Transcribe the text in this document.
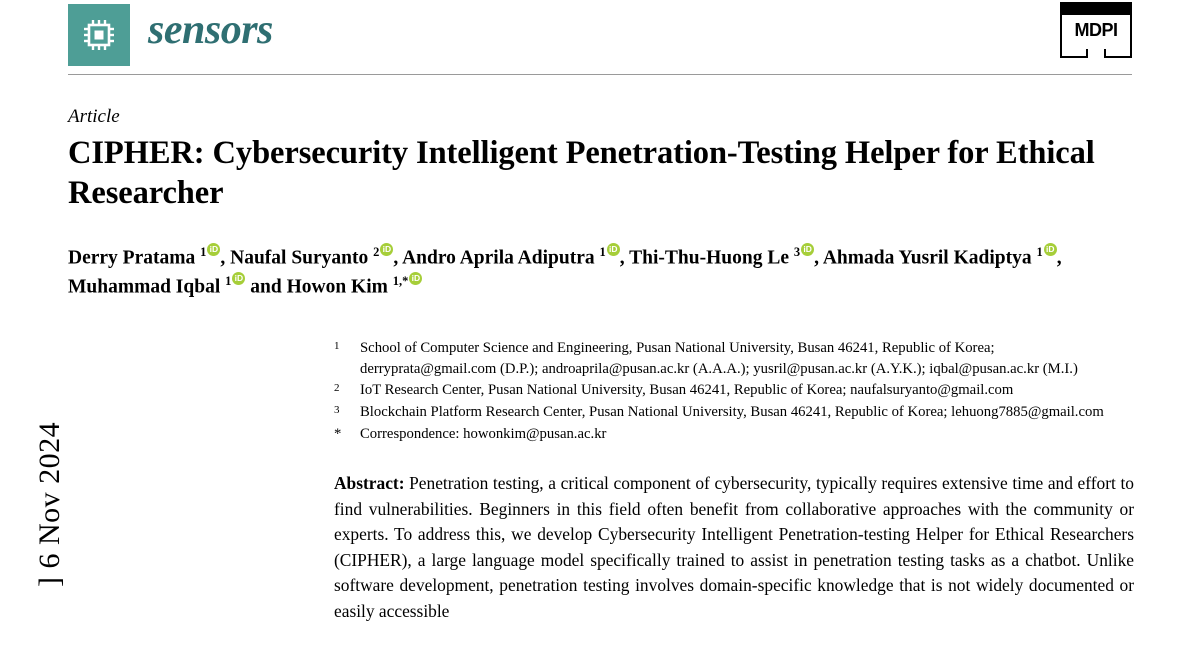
] 6 Nov 2024
sensors	MDPI
Article
CIPHER: Cybersecurity Intelligent Penetration-Testing Helper for Ethical Researcher
Derry Pratama $^1$ iD , Naufal Suryanto $^2$ iD , Andro Aprila Adiputra $^1$ iD , Thi-Thu-Huong Le $^3$ iD , Ahmada Yusril Kadiptya $^1$ iD , Muhammad Iqbal $^1$iD and Howon Kim $^{1,*}$iD
1	School of Computer Science and Engineering, Pusan National University, Busan 46241, Republic of Korea; derryprata@gmail.com (D.P.); androaprila@pusan.ac.kr (A.A.A.); yusril@pusan.ac.kr (A.Y.K.); iqbal@pusan.ac.kr (M.I.)
2	IoT Research Center, Pusan National University, Busan 46241, Republic of Korea; naufalsuryanto@gmail.com
3	Blockchain Platform Research Center, Pusan National University, Busan 46241, Republic of Korea; lehuong7885@gmail.com
*	Correspondence: howonkim@pusan.ac.kr
Abstract: Penetration testing, a critical component of cybersecurity, typically requires extensive time and effort to find vulnerabilities. Beginners in this field often benefit from collaborative approaches with the community or experts. To address this, we develop Cybersecurity Intelligent Penetration-testing Helper for Ethical Researchers (CIPHER), a large language model specifically trained to assist in penetration testing tasks as a chatbot. Unlike software development, penetration testing involves domain-specific knowledge that is not widely documented or easily accessible
